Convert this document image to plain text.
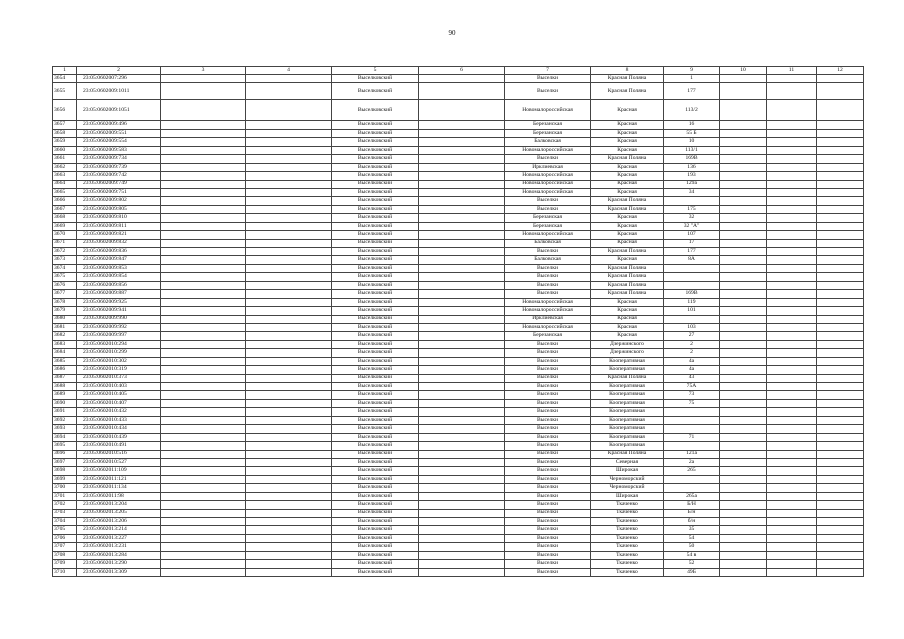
90
1	2	3	4	5	6	7	8	9	10	11	12
3654	23:05:0602007:296			Выселковский		Выселки	Красная Поляна	1			
3655	23:05:0602009:1011			Выселковский		Выселки	Красная Поляна	177			
3656	23:05:0602009:1051			Выселковский		Новомалороссийская	Красная	113/2			
3657	23:05:0602009:496			Выселковский		Березанская	Красная	16			
3658	23:05:0602009:551			Выселковский		Березанская	Красная	55 Б			
3659	23:05:0602009:554			Выселковский		Балковская	Красная	10			
3660	23:05:0602009:583			Выселковский		Новомалороссийская	Красная	113/1			
3661	23:05:0602009:734			Выселковский		Выселки	Красная Поляна	169В			
3662	23:05:0602009:739			Выселковский		Ирклиевская	Красная	136			
3663	23:05:0602009:742			Выселковский		Новомалороссийская	Красная	193			
3664	23:05:0602009:749			Выселковский		Новомалороссийская	Красная	129а			
3665	23:05:0602009:751			Выселковский		Новомалороссийская	Красная	34			
3666	23:05:0602009:802			Выселковский		Выселки	Красная Поляна				
3667	23:05:0602009:805			Выселковский		Выселки	Красная Поляна	175			
3668	23:05:0602009:810			Выселковский		Березанская	Красная	32			
3669	23:05:0602009:811			Выселковский		Березанская	Красная	32 "А"			
3670	23:05:0602009:821			Выселковский		Новомалороссийская	Красная	107			
3671	23:05:0602009:832			Выселковский		Балковская	Красная	17			
3672	23:05:0602009:836			Выселковский		Выселки	Красная Поляна	177			
3673	23:05:0602009:847			Выселковский		Балковская	Красная	8А			
3674	23:05:0602009:853			Выселковский		Выселки	Красная Поляна				
3675	23:05:0602009:854			Выселковский		Выселки	Красная Поляна				
3676	23:05:0602009:856			Выселковский		Выселки	Красная Поляна				
3677	23:05:0602009:887			Выселковский		Выселки	Красная Поляна	169В			
3678	23:05:0602009:925			Выселковский		Новомалороссийская	Красная	119			
3679	23:05:0602009:941			Выселковский		Новомалороссийская	Красная	101			
3680	23:05:0602009:990			Выселковский		Ирклиевская	Красная				
3681	23:05:0602009:992			Выселковский		Новомалороссийская	Красная	103			
3682	23:05:0602009:997			Выселковский		Березанская	Красная	27			
3683	23:05:0602010:294			Выселковский		Выселки	Дзержинского	2			
3684	23:05:0602010:299			Выселковский		Выселки	Дзержинского	2			
3685	23:05:0602010:302			Выселковский		Выселки	Кооперативная	4а			
3686	23:05:0602010:319			Выселковский		Выселки	Кооперативная	4а			
3687	23:05:0602010:373			Выселковский		Выселки	Красная Поляна	43			
3688	23:05:0602010:403			Выселковский		Выселки	Кооперативная	75А			
3689	23:05:0602010:405			Выселковский		Выселки	Кооперативная	73			
3690	23:05:0602010:407			Выселковский		Выселки	Кооперативная	75			
3691	23:05:0602010:432			Выселковский		Выселки	Кооперативная				
3692	23:05:0602010:433			Выселковский		Выселки	Кооперативная				
3693	23:05:0602010:434			Выселковский		Выселки	Кооперативная				
3694	23:05:0602010:439			Выселковский		Выселки	Кооперативная	71			
3695	23:05:0602010:491			Выселковский		Выселки	Кооперативная				
3696	23:05:0602010:516			Выселковский		Выселки	Красная Поляна	121а			
3697	23:05:0602010:527			Выселковский		Выселки	Северная	2а			
3698	23:05:0602011:109			Выселковский		Выселки	Широкая	265			
3699	23:05:0602011:121			Выселковский		Выселки	Черноморский				
3700	23:05:0602011:134			Выселковский		Выселки	Черноморский				
3701	23:05:0602011:98			Выселковский		Выселки	Широкая	265а			
3702	23:05:0602013:204			Выселковский		Выселки	Ткаченко	Б/Н			
3703	23:05:0602013:205			Выселковский		Выселки	Ткаченко	Б/н			
3704	23:05:0602013:206			Выселковский		Выселки	Ткаченко	б/н			
3705	23:05:0602013:214			Выселковский		Выселки	Ткаченко	35			
3706	23:05:0602013:227			Выселковский		Выселки	Ткаченко	54			
3707	23:05:0602013:231			Выселковский		Выселки	Ткаченко	50			
3708	23:05:0602013:284			Выселковский		Выселки	Ткаченко	54 в			
3709	23:05:0602013:290			Выселковский		Выселки	Ткаченко	52			
3710	23:05:0602013:309			Выселковский		Выселки	Ткаченко	49Б			
